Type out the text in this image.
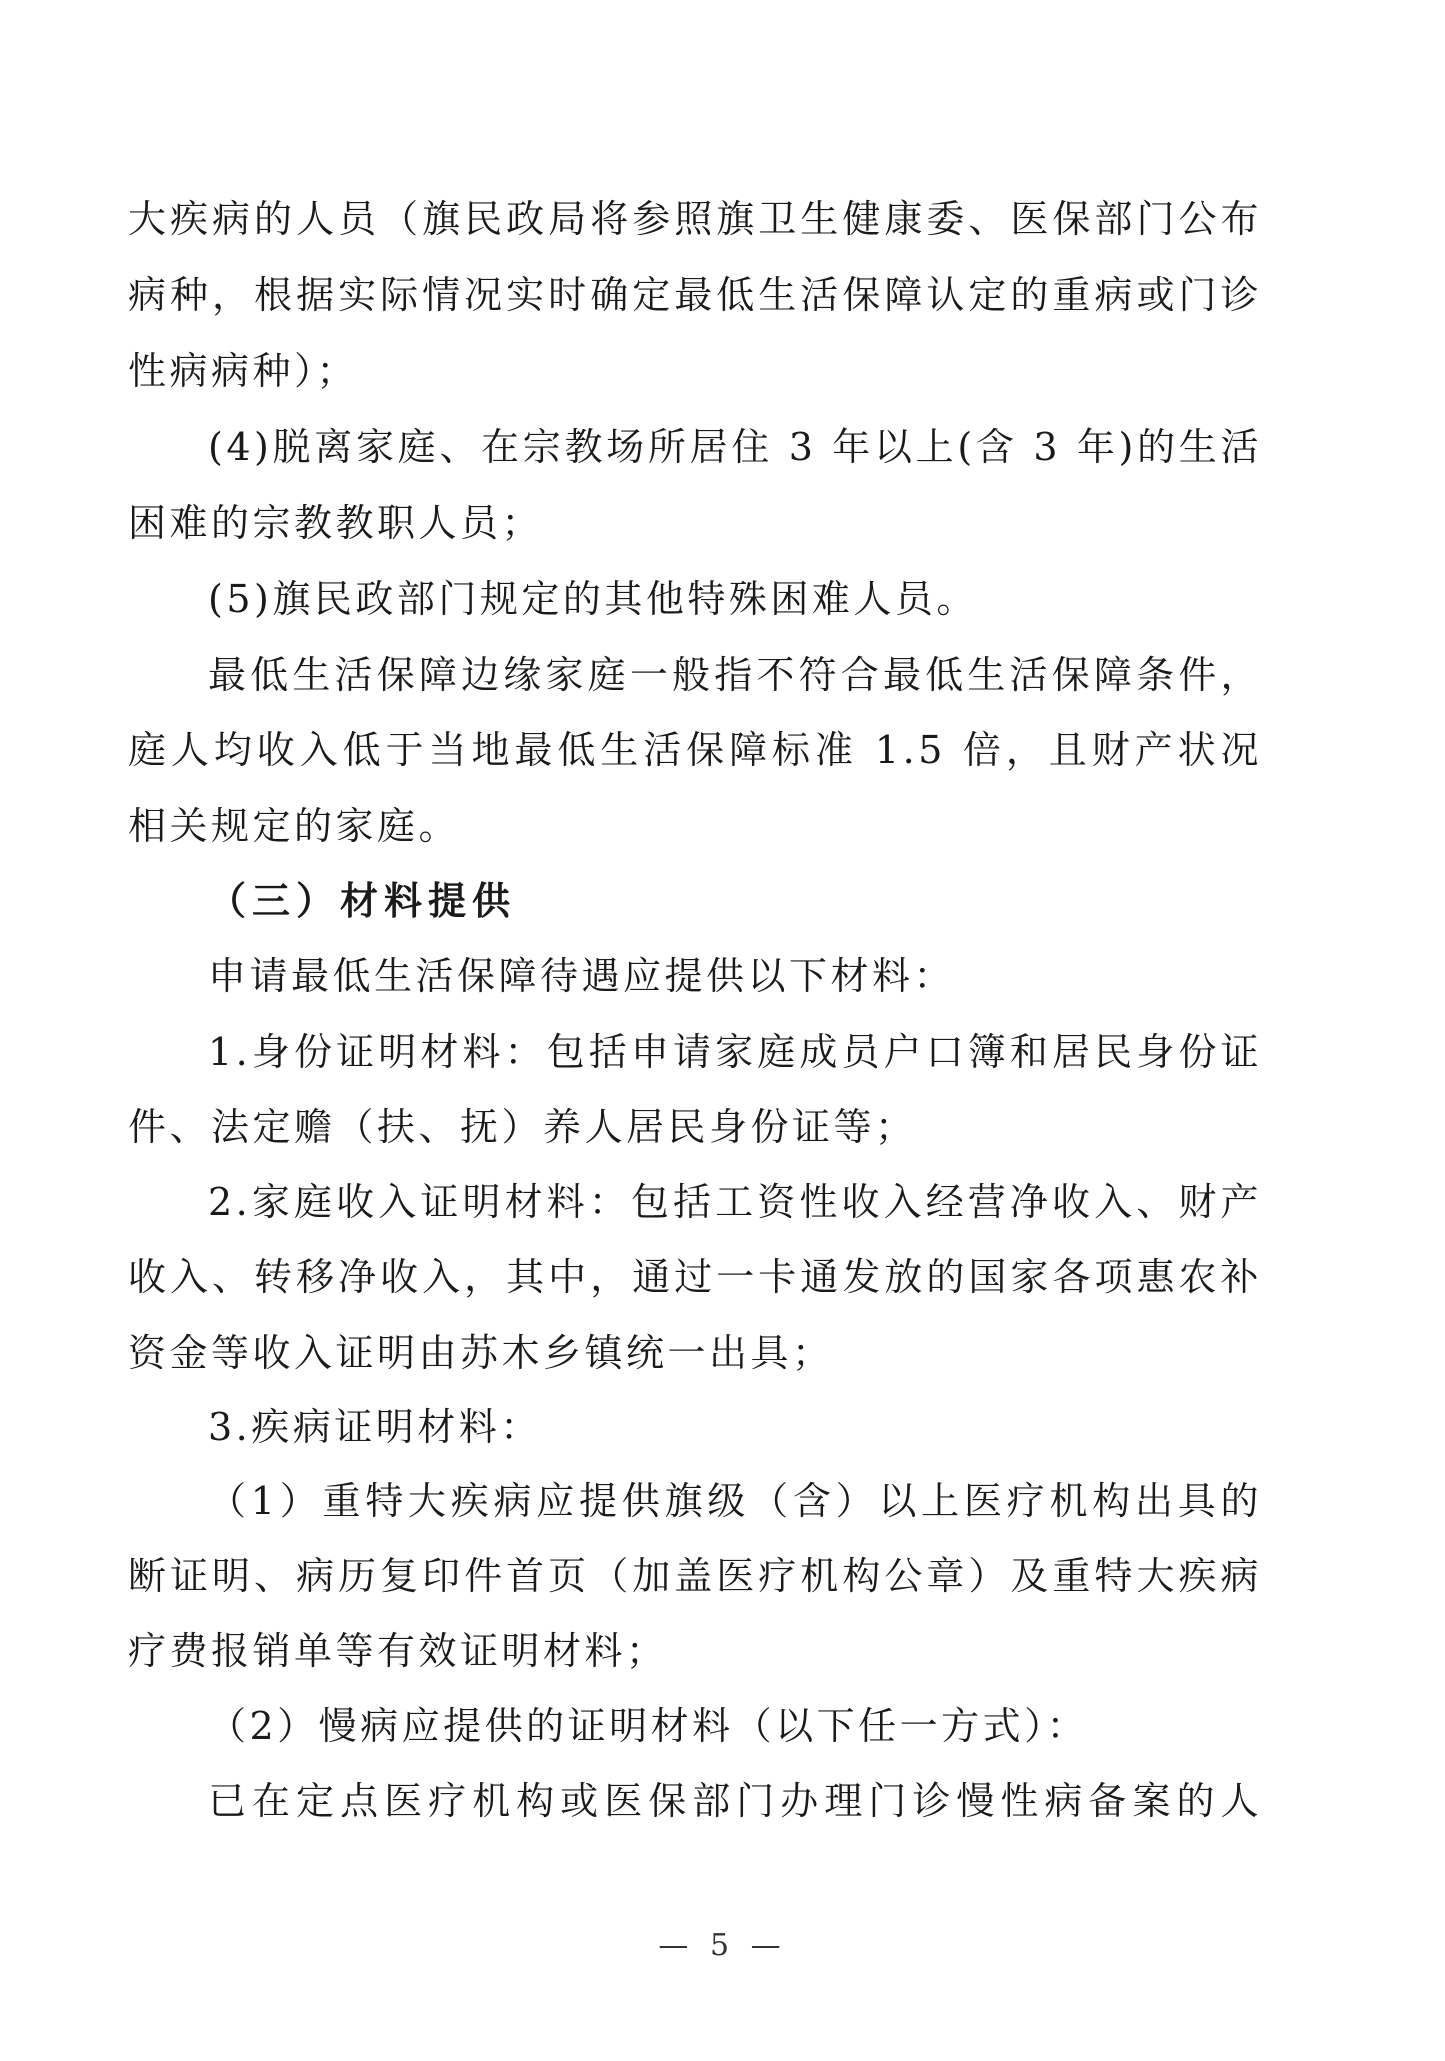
大疾病的人员（旗民政局将参照旗卫生健康委、医保部门公布
病种，根据实际情况实时确定最低生活保障认定的重病或门诊
性病病种）；
(4)脱离家庭、在宗教场所居住 3 年以上(含 3 年)的生活
困难的宗教教职人员；
(5)旗民政部门规定的其他特殊困难人员。
最低生活保障边缘家庭一般指不符合最低生活保障条件，
庭人均收入低于当地最低生活保障标准 1.5 倍，且财产状况
相关规定的家庭。
（三）材料提供
申请最低生活保障待遇应提供以下材料：
1.身份证明材料：包括申请家庭成员户口簿和居民身份证
件、法定赡（扶、抚）养人居民身份证等；
2.家庭收入证明材料：包括工资性收入经营净收入、财产
收入、转移净收入，其中，通过一卡通发放的国家各项惠农补
资金等收入证明由苏木乡镇统一出具；
3.疾病证明材料：
（1）重特大疾病应提供旗级（含）以上医疗机构出具的
断证明、病历复印件首页（加盖医疗机构公章）及重特大疾病
疗费报销单等有效证明材料；
（2）慢病应提供的证明材料（以下任一方式）：
已在定点医疗机构或医保部门办理门诊慢性病备案的人
— 5 —
